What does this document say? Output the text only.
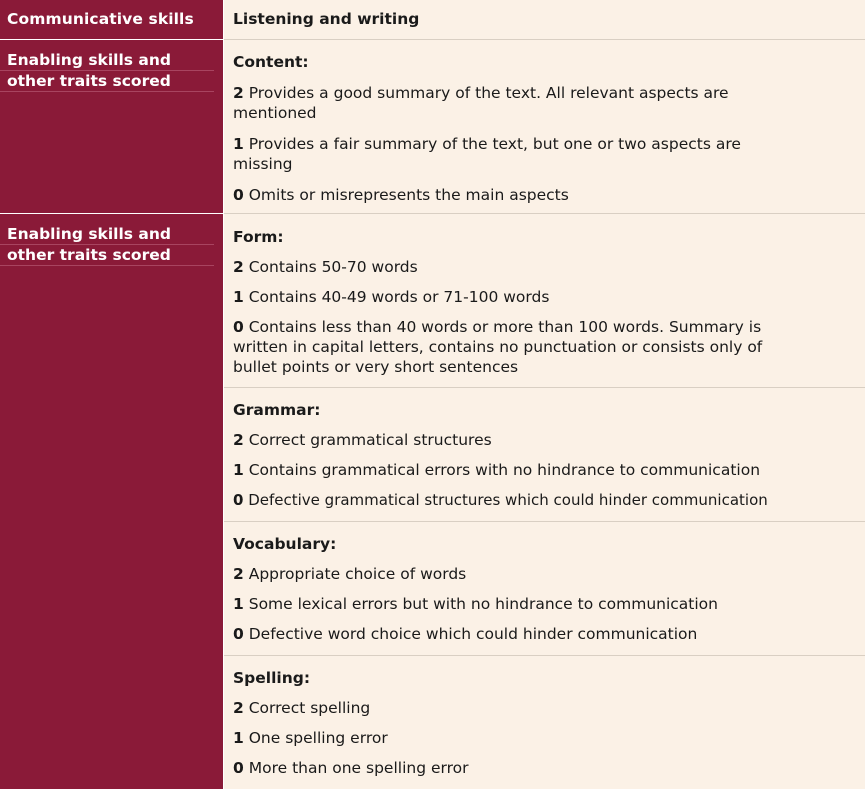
Communicative skills	Listening and writing
Enabling skills and
other traits scored
Content:
2 Provides a good summary of the text. All relevant aspects are
mentioned
1 Provides a fair summary of the text, but one or two aspects are
missing
0 Omits or misrepresents the main aspects
Enabling skills and
other traits scored
Form:
2 Contains 50-70 words
1 Contains 40-49 words or 71-100 words
0 Contains less than 40 words or more than 100 words. Summary is
written in capital letters, contains no punctuation or consists only of
bullet points or very short sentences
Grammar:
2 Correct grammatical structures
1 Contains grammatical errors with no hindrance to communication
0 Defective grammatical structures which could hinder communication
Vocabulary:
2 Appropriate choice of words
1 Some lexical errors but with no hindrance to communication
0 Defective word choice which could hinder communication
Spelling:
2 Correct spelling
1 One spelling error
0 More than one spelling error
